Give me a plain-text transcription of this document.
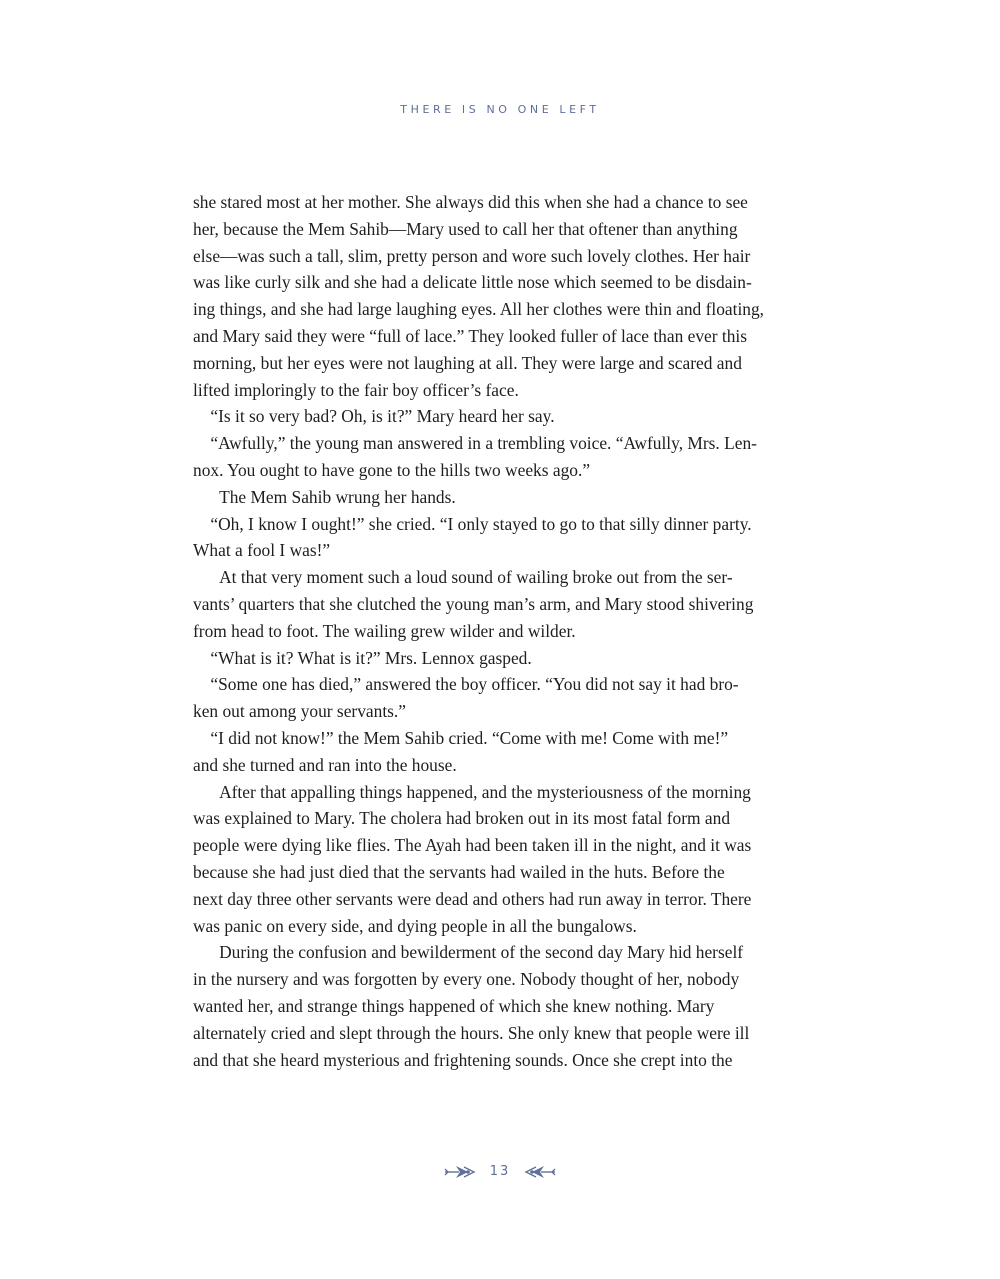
THERE IS NO ONE LEFT
she stared most at her mother. She always did this when she had a chance to see
her, because the Mem Sahib—Mary used to call her that oftener than anything
else—was such a tall, slim, pretty person and wore such lovely clothes. Her hair
was like curly silk and she had a delicate little nose which seemed to be disdain-
ing things, and she had large laughing eyes. All her clothes were thin and floating,
and Mary said they were “full of lace.” They looked fuller of lace than ever this
morning, but her eyes were not laughing at all. They were large and scared and
lifted imploringly to the fair boy officer’s face.
“Is it so very bad? Oh, is it?” Mary heard her say.
“Awfully,” the young man answered in a trembling voice. “Awfully, Mrs. Len-
nox. You ought to have gone to the hills two weeks ago.”
The Mem Sahib wrung her hands.
“Oh, I know I ought!” she cried. “I only stayed to go to that silly dinner party.
What a fool I was!”
At that very moment such a loud sound of wailing broke out from the ser-
vants’ quarters that she clutched the young man’s arm, and Mary stood shivering
from head to foot. The wailing grew wilder and wilder.
“What is it? What is it?” Mrs. Lennox gasped.
“Some one has died,” answered the boy officer. “You did not say it had bro-
ken out among your servants.”
“I did not know!” the Mem Sahib cried. “Come with me! Come with me!”
and she turned and ran into the house.
After that appalling things happened, and the mysteriousness of the morning
was explained to Mary. The cholera had broken out in its most fatal form and
people were dying like flies. The Ayah had been taken ill in the night, and it was
because she had just died that the servants had wailed in the huts. Before the
next day three other servants were dead and others had run away in terror. There
was panic on every side, and dying people in all the bungalows.
During the confusion and bewilderment of the second day Mary hid herself
in the nursery and was forgotten by every one. Nobody thought of her, nobody
wanted her, and strange things happened of which she knew nothing. Mary
alternately cried and slept through the hours. She only knew that people were ill
and that she heard mysterious and frightening sounds. Once she crept into the
13
